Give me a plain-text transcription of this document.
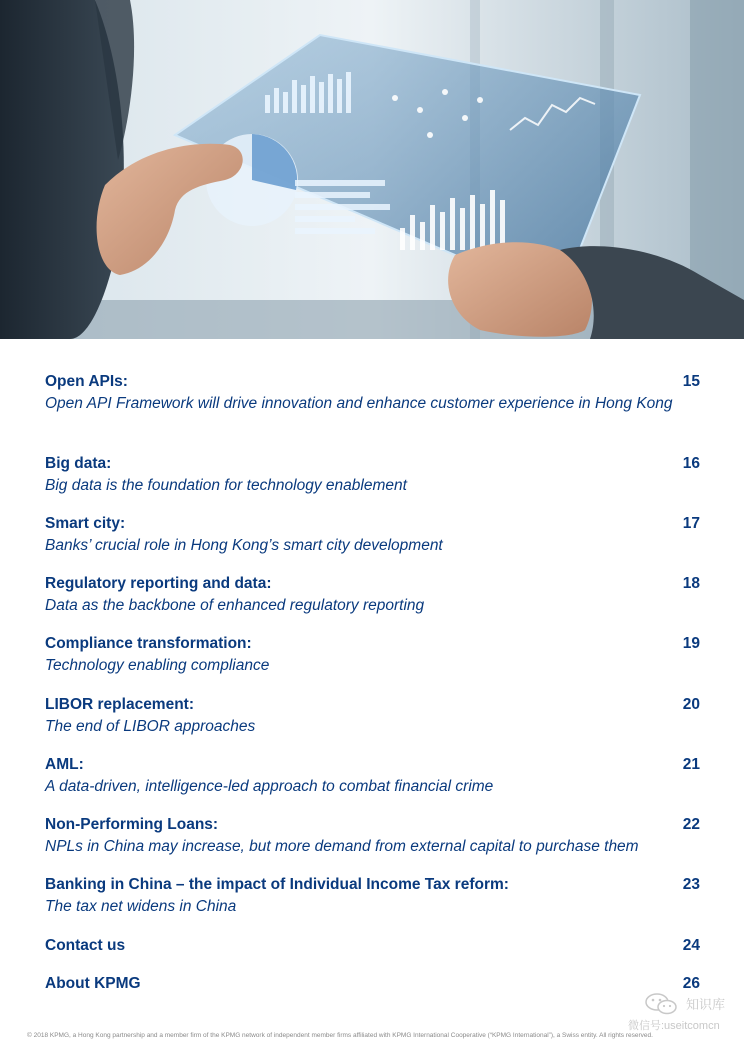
Open APIs:
Open API Framework will drive innovation and enhance customer experience in Hong Kong
15
Big data:
Big data is the foundation for technology enablement
16
Smart city:
Banks’ crucial role in Hong Kong’s smart city development
17
Regulatory reporting and data:
Data as the backbone of enhanced regulatory reporting
18
Compliance transformation:
Technology enabling compliance
19
LIBOR replacement:
The end of LIBOR approaches
20
AML:
A data-driven, intelligence-led approach to combat financial crime
21
Non-Performing Loans:
NPLs in China may increase, but more demand from external capital to purchase them
22
Banking in China – the impact of Individual Income Tax reform:
The tax net widens in China
23
Contact us	24
About KPMG	26
知识库
微信号:useitcomcn
© 2018 KPMG, a Hong Kong partnership and a member firm of the KPMG network of independent member firms affiliated with KPMG International Cooperative (“KPMG International”), a Swiss entity. All rights reserved.
